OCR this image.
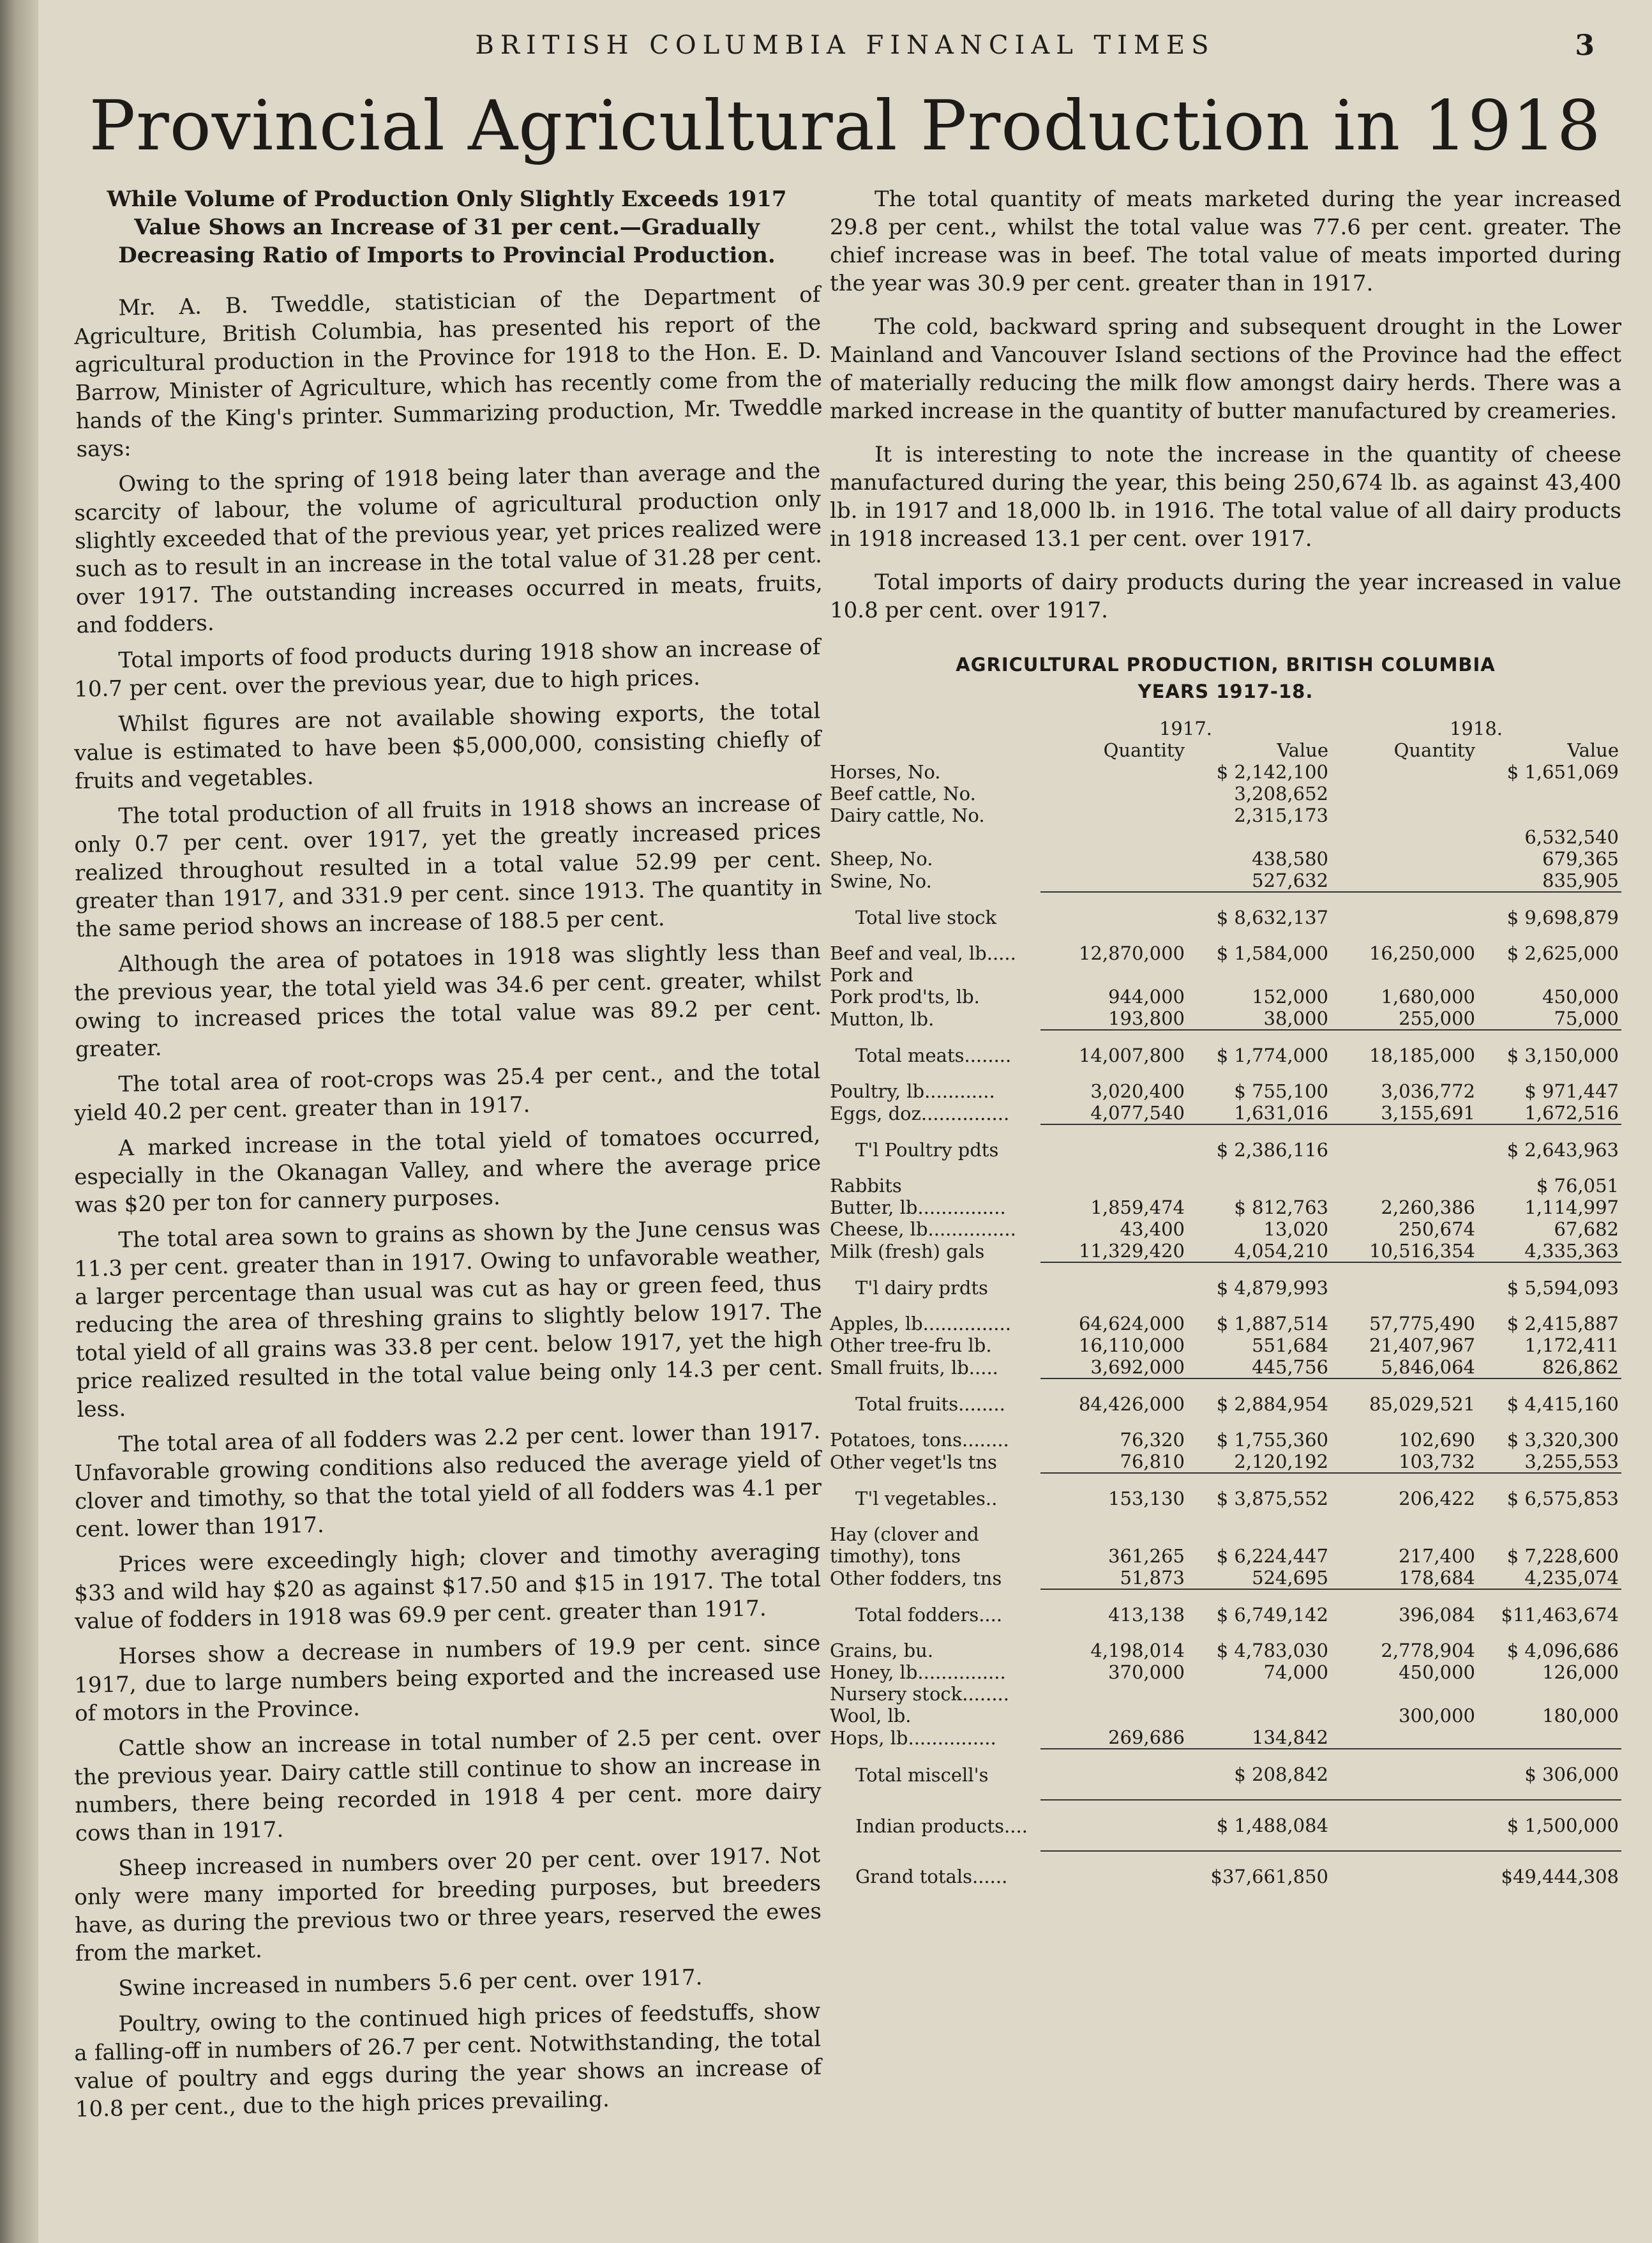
BRITISH COLUMBIA FINANCIAL TIMES	3
Provincial Agricultural Production in 1918

While Volume of Production Only Slightly Exceeds 1917 Value Shows an Increase of 31 per cent.—Gradually Decreasing Ratio of Imports to Provincial Production.

Mr. A. B. Tweddle, statistician of the Department of Agriculture, British Columbia, has presented his report of the agricultural production in the Province for 1918 to the Hon. E. D. Barrow, Minister of Agriculture, which has recently come from the hands of the King's printer. Summarizing production, Mr. Tweddle says:

Owing to the spring of 1918 being later than average and the scarcity of labour, the volume of agricultural production only slightly exceeded that of the previous year, yet prices realized were such as to result in an increase in the total value of 31.28 per cent. over 1917. The outstanding increases occurred in meats, fruits, and fodders.

Total imports of food products during 1918 show an increase of 10.7 per cent. over the previous year, due to high prices.

Whilst figures are not available showing exports, the total value is estimated to have been $5,000,000, consisting chiefly of fruits and vegetables.

The total production of all fruits in 1918 shows an increase of only 0.7 per cent. over 1917, yet the greatly increased prices realized throughout resulted in a total value 52.99 per cent. greater than 1917, and 331.9 per cent. since 1913. The quantity in the same period shows an increase of 188.5 per cent.

Although the area of potatoes in 1918 was slightly less than the previous year, the total yield was 34.6 per cent. greater, whilst owing to increased prices the total value was 89.2 per cent. greater.

The total area of root-crops was 25.4 per cent., and the total yield 40.2 per cent. greater than in 1917.

A marked increase in the total yield of tomatoes occurred, especially in the Okanagan Valley, and where the average price was $20 per ton for cannery purposes.

The total area sown to grains as shown by the June census was 11.3 per cent. greater than in 1917. Owing to unfavorable weather, a larger percentage than usual was cut as hay or green feed, thus reducing the area of threshing grains to slightly below 1917. The total yield of all grains was 33.8 per cent. below 1917, yet the high price realized resulted in the total value being only 14.3 per cent. less.

The total area of all fodders was 2.2 per cent. lower than 1917. Unfavorable growing conditions also reduced the average yield of clover and timothy, so that the total yield of all fodders was 4.1 per cent. lower than 1917.

Prices were exceedingly high; clover and timothy averaging $33 and wild hay $20 as against $17.50 and $15 in 1917. The total value of fodders in 1918 was 69.9 per cent. greater than 1917.

Horses show a decrease in numbers of 19.9 per cent. since 1917, due to large numbers being exported and the increased use of motors in the Province.

Cattle show an increase in total number of 2.5 per cent. over the previous year. Dairy cattle still continue to show an increase in numbers, there being recorded in 1918 4 per cent. more dairy cows than in 1917.

Sheep increased in numbers over 20 per cent. over 1917. Not only were many imported for breeding purposes, but breeders have, as during the previous two or three years, reserved the ewes from the market.

Swine increased in numbers 5.6 per cent. over 1917.

Poultry, owing to the continued high prices of feedstuffs, show a falling-off in numbers of 26.7 per cent. Notwithstanding, the total value of poultry and eggs during the year shows an increase of 10.8 per cent., due to the high prices prevailing.

The total quantity of meats marketed during the year increased 29.8 per cent., whilst the total value was 77.6 per cent. greater. The chief increase was in beef. The total value of meats imported during the year was 30.9 per cent. greater than in 1917.

The cold, backward spring and subsequent drought in the Lower Mainland and Vancouver Island sections of the Province had the effect of materially reducing the milk flow amongst dairy herds. There was a marked increase in the quantity of butter manufactured by creameries.

It is interesting to note the increase in the quantity of cheese manufactured during the year, this being 250,674 lb. as against 43,400 lb. in 1917 and 18,000 lb. in 1916. The total value of all dairy products in 1918 increased 13.1 per cent. over 1917.

Total imports of dairy products during the year increased in value 10.8 per cent. over 1917.

AGRICULTURAL PRODUCTION, BRITISH COLUMBIA
YEARS 1917-18.
	1917.		1918.	
	Quantity	Value	Quantity	Value
Horses, No.		$ 2,142,100		$ 1,651,069
Beef cattle, No.		3,208,652		
Dairy cattle, No.		2,315,173		
				6,532,540
Sheep, No.		438,580		679,365
Swine, No.		527,632		835,905
Total live stock		$ 8,632,137		$ 9,698,879
Beef and veal, lb.....	12,870,000	$ 1,584,000	16,250,000	$ 2,625,000
Pork and				
Pork prod'ts, lb.	944,000	152,000	1,680,000	450,000
Mutton, lb.	193,800	38,000	255,000	75,000
Total meats........	14,007,800	$ 1,774,000	18,185,000	$ 3,150,000
Poultry, lb............	3,020,400	$ 755,100	3,036,772	$ 971,447
Eggs, doz...............	4,077,540	1,631,016	3,155,691	1,672,516
T'l Poultry pdts		$ 2,386,116		$ 2,643,963
Rabbits				$ 76,051
Butter, lb...............	1,859,474	$ 812,763	2,260,386	1,114,997
Cheese, lb...............	43,400	13,020	250,674	67,682
Milk (fresh) gals	11,329,420	4,054,210	10,516,354	4,335,363
T'l dairy prdts		$ 4,879,993		$ 5,594,093
Apples, lb...............	64,624,000	$ 1,887,514	57,775,490	$ 2,415,887
Other tree-fru lb.	16,110,000	551,684	21,407,967	1,172,411
Small fruits, lb.....	3,692,000	445,756	5,846,064	826,862
Total fruits........	84,426,000	$ 2,884,954	85,029,521	$ 4,415,160
Potatoes, tons........	76,320	$ 1,755,360	102,690	$ 3,320,300
Other veget'ls tns	76,810	2,120,192	103,732	3,255,553
T'l vegetables..	153,130	$ 3,875,552	206,422	$ 6,575,853
Hay (clover and				
timothy), tons	361,265	$ 6,224,447	217,400	$ 7,228,600
Other fodders, tns	51,873	524,695	178,684	4,235,074
Total fodders....	413,138	$ 6,749,142	396,084	$11,463,674
Grains, bu.	4,198,014	$ 4,783,030	2,778,904	$ 4,096,686
Honey, lb...............	370,000	74,000	450,000	126,000
Nursery stock........				
Wool, lb.			300,000	180,000
Hops, lb...............	269,686	134,842		
Total miscell's		$ 208,842		$ 306,000
Indian products....		$ 1,488,084		$ 1,500,000
Grand totals......		$37,661,850		$49,444,308
